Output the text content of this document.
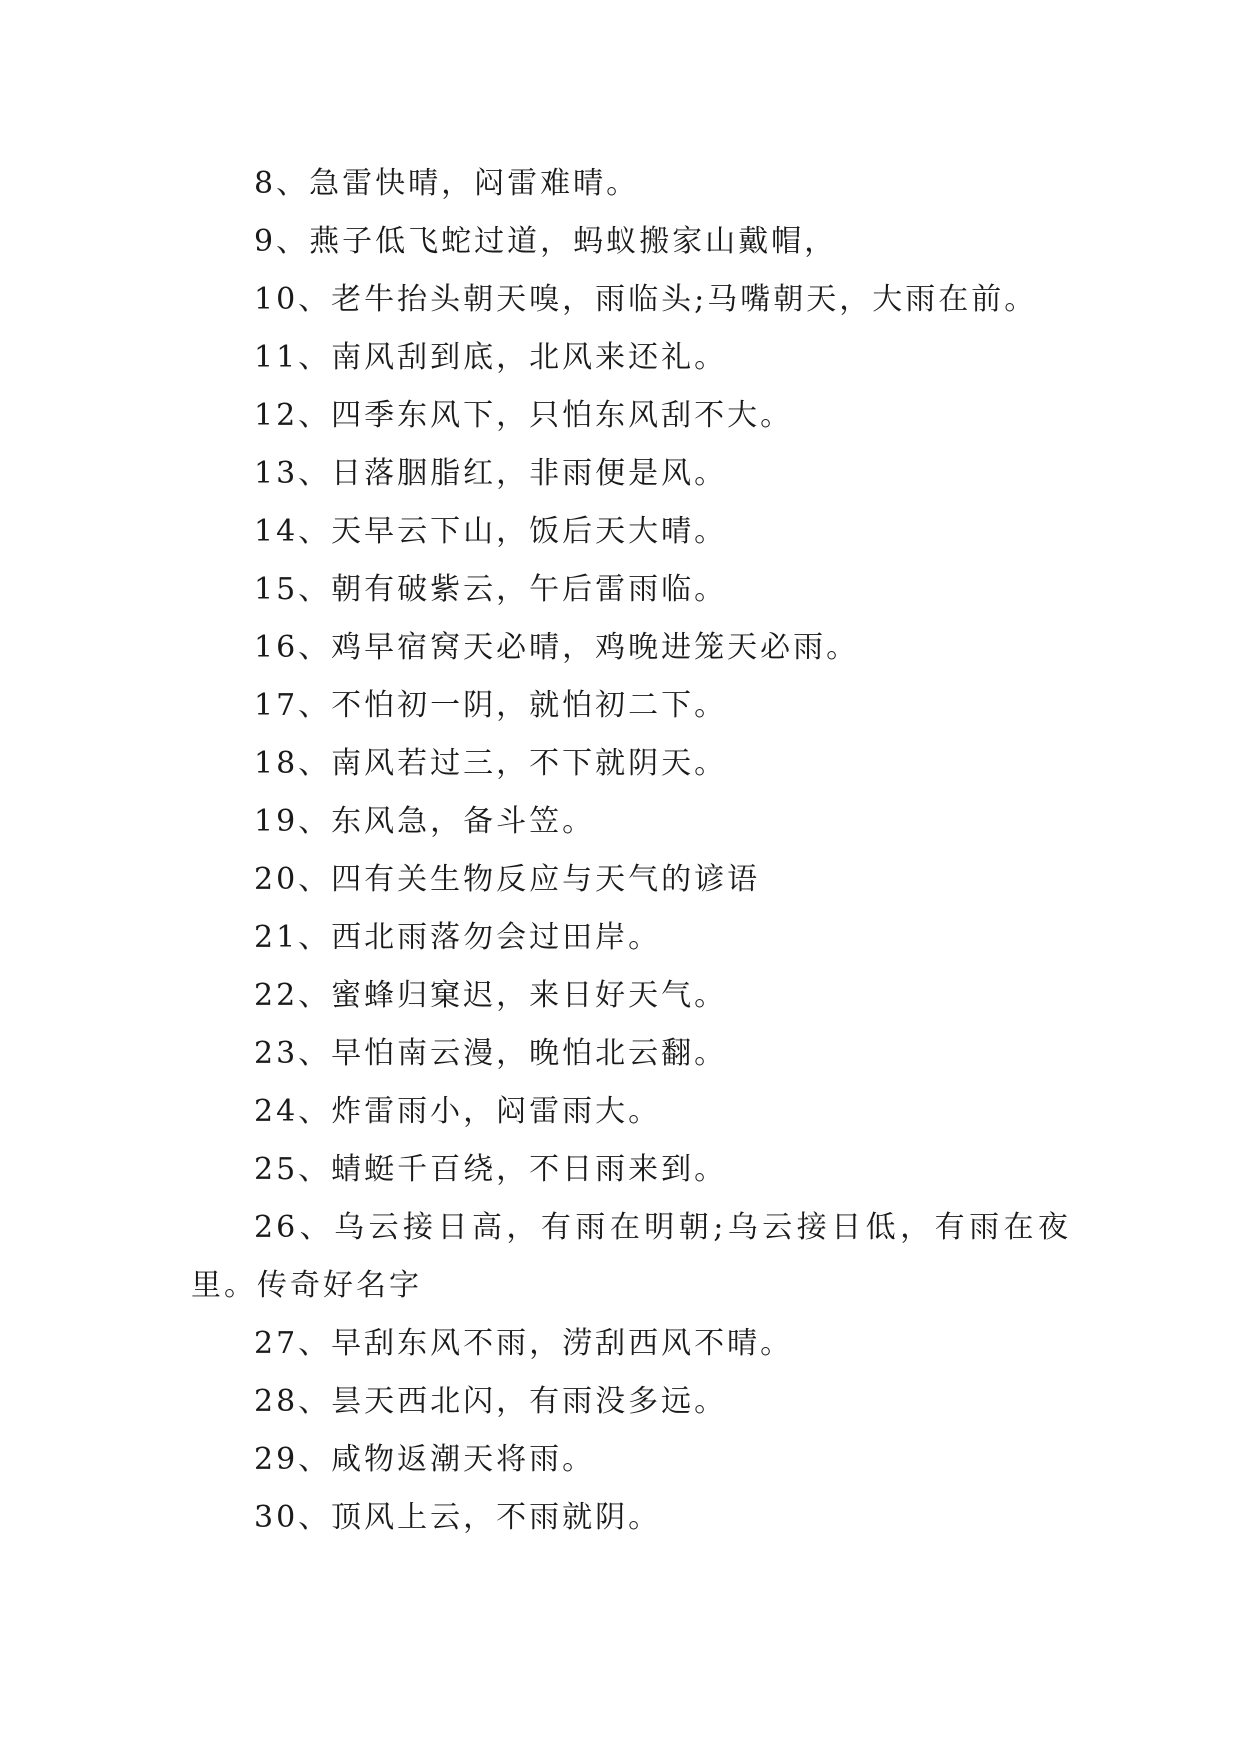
8、急雷快晴，闷雷难晴。
9、燕子低飞蛇过道，蚂蚁搬家山戴帽，
10、老牛抬头朝天嗅，雨临头;马嘴朝天，大雨在前。
11、南风刮到底，北风来还礼。
12、四季东风下，只怕东风刮不大。
13、日落胭脂红，非雨便是风。
14、天早云下山，饭后天大晴。
15、朝有破紫云，午后雷雨临。
16、鸡早宿窝天必晴，鸡晚进笼天必雨。
17、不怕初一阴，就怕初二下。
18、南风若过三，不下就阴天。
19、东风急，备斗笠。
20、四有关生物反应与天气的谚语
21、西北雨落勿会过田岸。
22、蜜蜂归窠迟，来日好天气。
23、早怕南云漫，晚怕北云翻。
24、炸雷雨小，闷雷雨大。
25、蜻蜓千百绕，不日雨来到。
26、乌云接日高，有雨在明朝;乌云接日低，有雨在夜里。传奇好名字
27、早刮东风不雨，涝刮西风不晴。
28、昙天西北闪，有雨没多远。
29、咸物返潮天将雨。
30、顶风上云，不雨就阴。
